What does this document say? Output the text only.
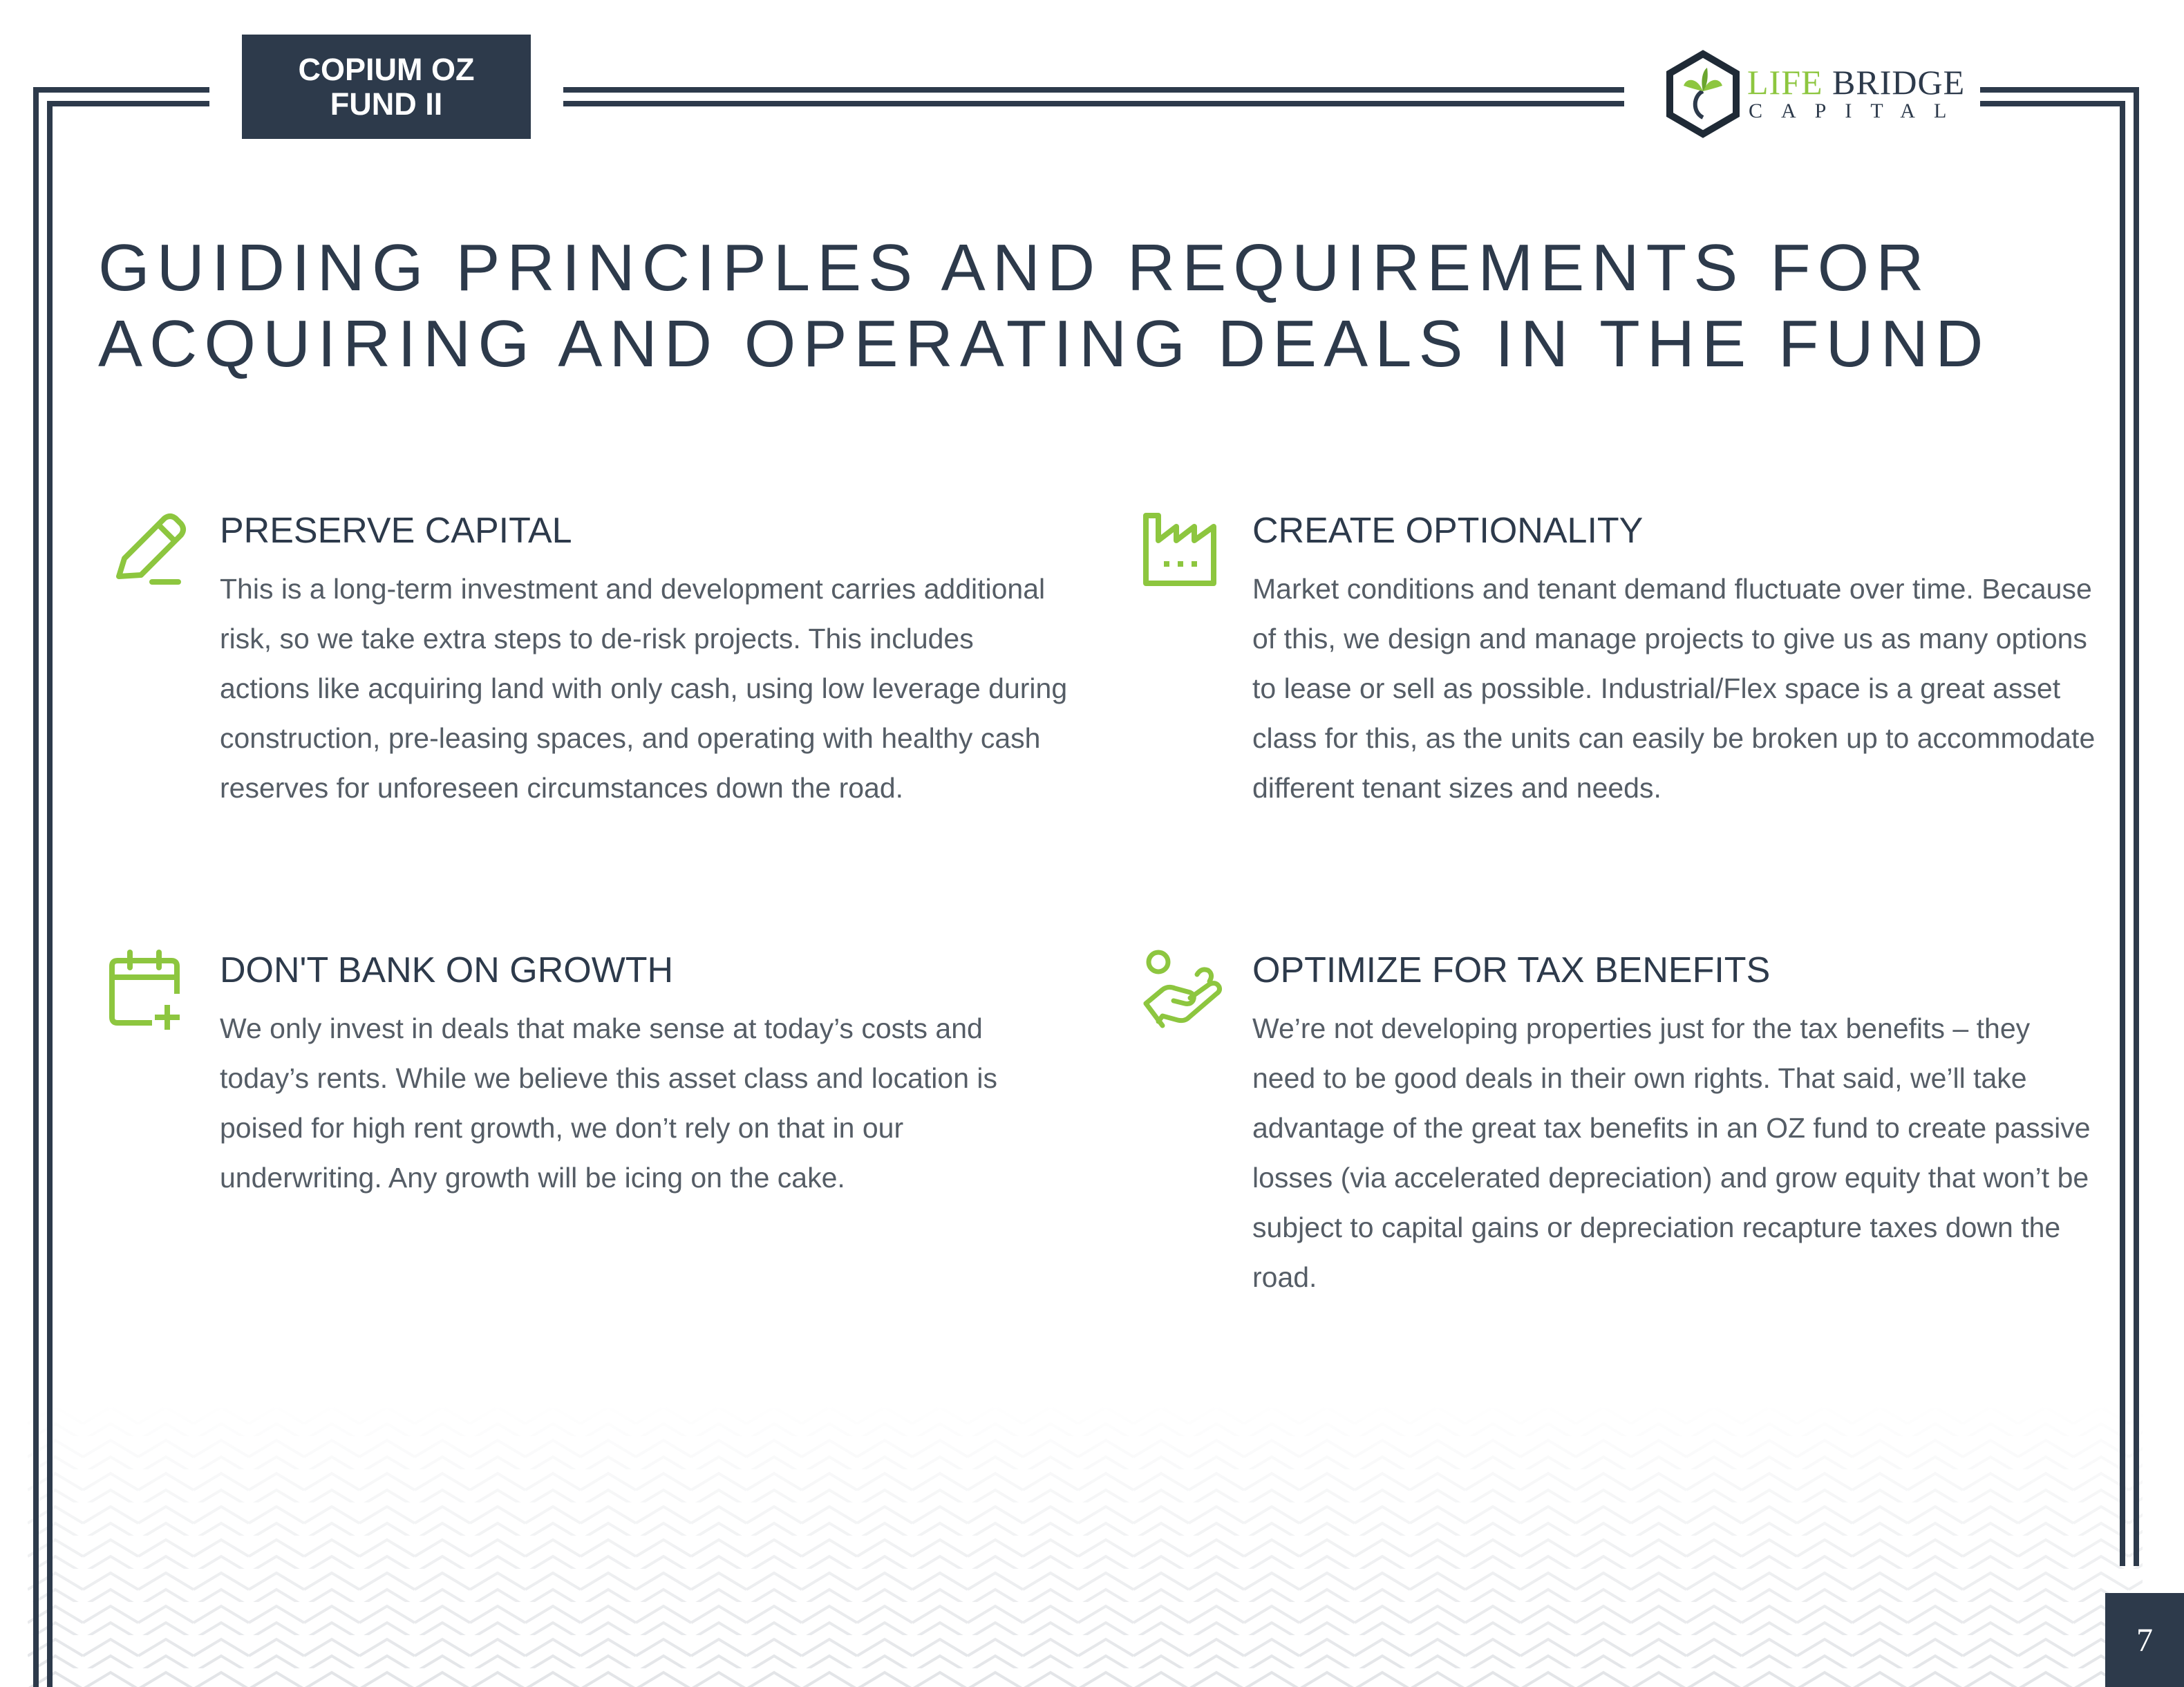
COPIUM OZ
FUND II
LIFE BRIDGE
CAPITAL
GUIDING PRINCIPLES AND REQUIREMENTS FOR
ACQUIRING AND OPERATING DEALS IN THE FUND
PRESERVE CAPITAL

This is a long-term investment and development carries additional risk, so we take extra steps to de-risk projects. This includes actions like acquiring land with only cash, using low leverage during construction, pre-leasing spaces, and operating with healthy cash reserves for unforeseen circumstances down the road.

CREATE OPTIONALITY

Market conditions and tenant demand fluctuate over time. Because of this, we design and manage projects to give us as many options to lease or sell as possible. Industrial/Flex space is a great asset class for this, as the units can easily be broken up to accommodate different tenant sizes and needs.

DON'T BANK ON GROWTH

We only invest in deals that make sense at today’s costs and today’s rents. While we believe this asset class and location is poised for high rent growth, we don’t rely on that in our underwriting. Any growth will be icing on the cake.

OPTIMIZE FOR TAX BENEFITS

We’re not developing properties just for the tax benefits – they need to be good deals in their own rights. That said, we’ll take advantage of the great tax benefits in an OZ fund to create passive losses (via accelerated depreciation) and grow equity that won’t be subject to capital gains or depreciation recapture taxes down the road.

7
